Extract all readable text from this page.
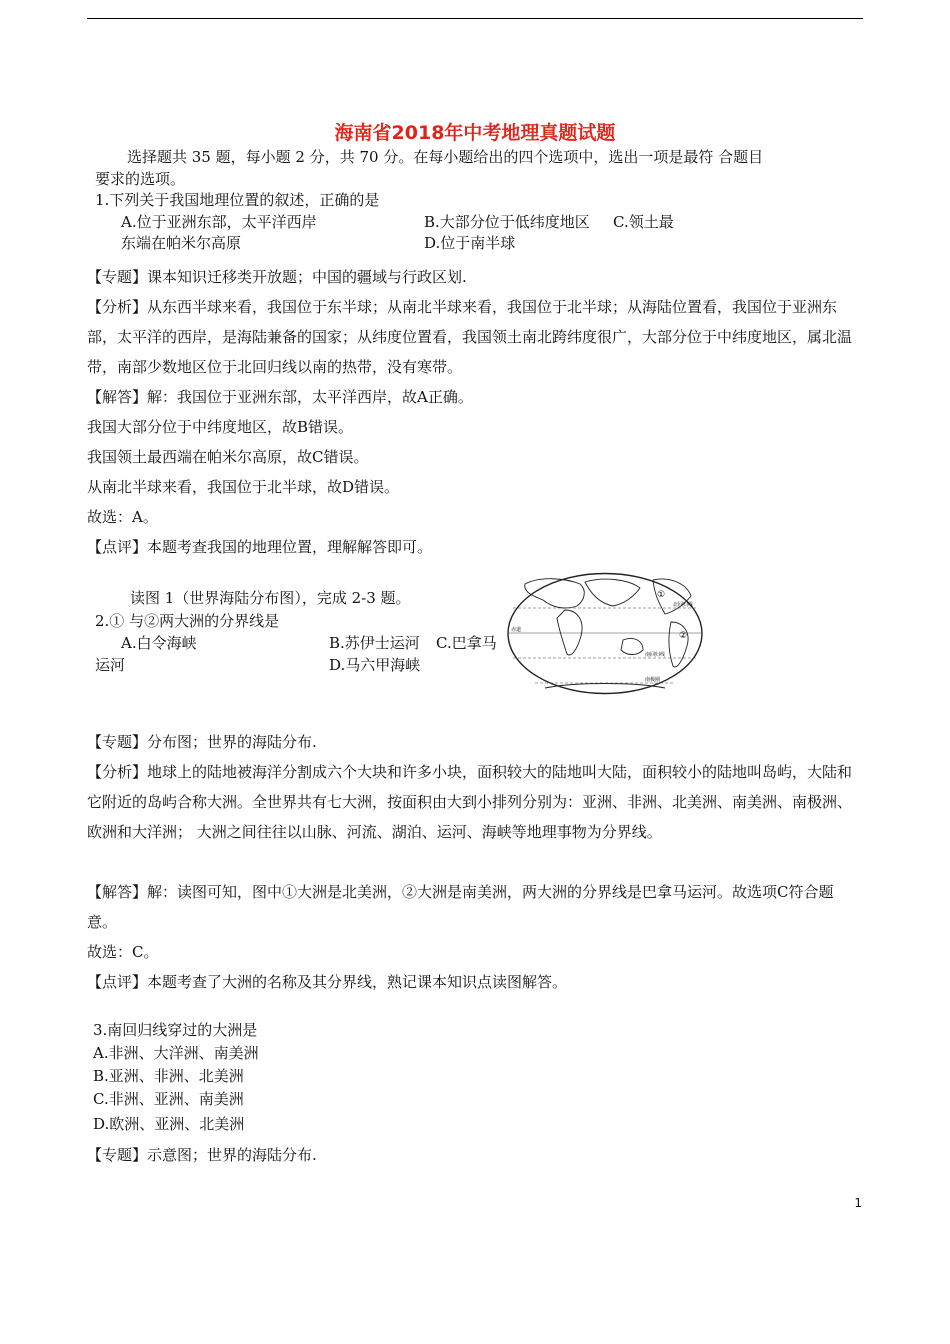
海南省2018年中考地理真题试题
选择题共 35 题，每小题 2 分，共 70 分。在每小题给出的四个选项中，选出一项是最符 合题目
要求的选项。
1.下列关于我国地理位置的叙述，正确的是
A.位于亚洲东部，太平洋西岸	B.大部分位于低纬度地区 C.领土最
东端在帕米尔高原	D.位于南半球
【专题】课本知识迁移类开放题；中国的疆域与行政区划.
【分析】从东西半球来看，我国位于东半球；从南北半球来看，我国位于北半球；从海陆位置看，我国位于亚洲东部，太平洋的西岸，是海陆兼备的国家；从纬度位置看，我国领土南北跨纬度很广，大部分位于中纬度地区，属北温带，南部少数地区位于北回归线以南的热带，没有寒带。
【解答】解：我国位于亚洲东部，太平洋西岸，故A正确。
我国大部分位于中纬度地区，故B错误。
我国领土最西端在帕米尔高原，故C错误。
从南北半球来看，我国位于北半球，故D错误。
故选：A。
【点评】本题考查我国的地理位置，理解解答即可。
读图 1（世界海陆分布图），完成 2-3 题。
2.① 与②两大洲的分界线是
A.白令海峡	B.苏伊士运河 C.巴拿马
运河	D.马六甲海峡
①
②
北回归线
赤道
南回归线
南极圈
【专题】分布图；世界的海陆分布.
【分析】地球上的陆地被海洋分割成六个大块和许多小块，面积较大的陆地叫大陆，面积较小的陆地叫岛屿，大陆和它附近的岛屿合称大洲。全世界共有七大洲，按面积由大到小排列分别为：亚洲、非洲、北美洲、南美洲、南极洲、欧洲和大洋洲； 大洲之间往往以山脉、河流、湖泊、运河、海峡等地理事物为分界线。
【解答】解：读图可知，图中①大洲是北美洲，②大洲是南美洲，两大洲的分界线是巴拿马运河。故选项C符合题意。
故选：C。
【点评】本题考查了大洲的名称及其分界线，熟记课本知识点读图解答。
3.南回归线穿过的大洲是
A.非洲、大洋洲、南美洲
B.亚洲、非洲、北美洲
C.非洲、亚洲、南美洲
D.欧洲、亚洲、北美洲
【专题】示意图；世界的海陆分布.
1
